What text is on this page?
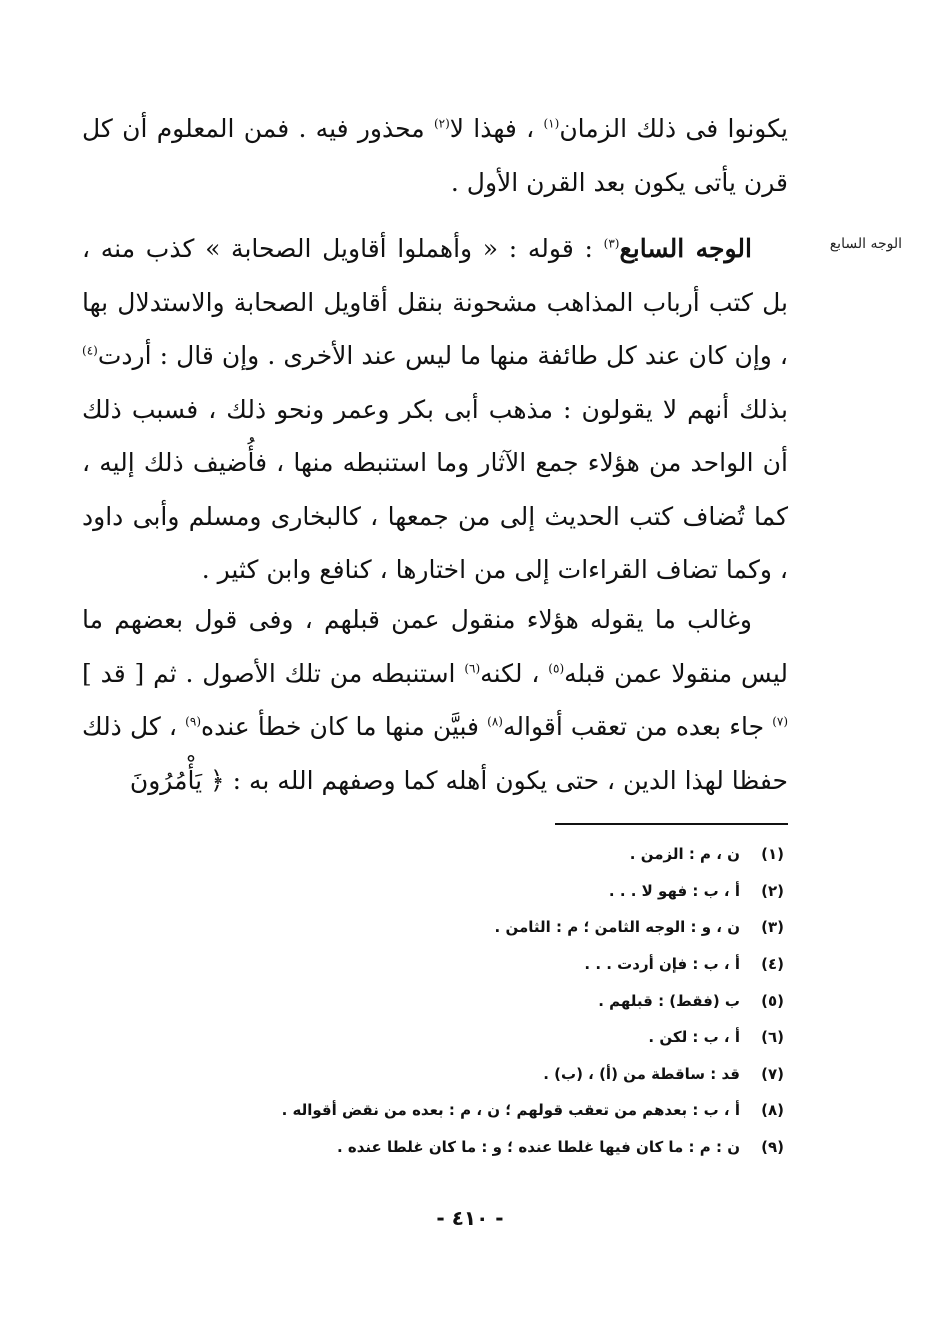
الوجه السابع

يكونوا فى ذلك الزمان$^{(١)}$ ، فهذا لا$^{(٢)}$ محذور فيه . فمن المعلوم أن كل قرن يأتى يكون بعد القرن الأول .

الوجه السابع$^{(٣)}$ : قوله : « وأهملوا أقاويل الصحابة » كذب منه ، بل كتب أرباب المذاهب مشحونة بنقل أقاويل الصحابة والاستدلال بها ، وإن كان عند كل طائفة منها ما ليس عند الأخرى . وإن قال : أردت$^{(٤)}$ بذلك أنهم لا يقولون : مذهب أبى بكر وعمر ونحو ذلك ، فسبب ذلك أن الواحد من هؤلاء جمع الآثار وما استنبطه منها ، فأُضيف ذلك إليه ، كما تُضاف كتب الحديث إلى من جمعها ، كالبخارى ومسلم وأبى داود ، وكما تضاف القراءات إلى من اختارها ، كنافع وابن كثير .

وغالب ما يقوله هؤلاء منقول عمن قبلهم ، وفى قول بعضهم ما ليس منقولا عمن قبله$^{(٥)}$ ، لكنه$^{(٦)}$ استنبطه من تلك الأصول . ثم [ قد ]$^{(٧)}$ جاء بعده من تعقب أقواله$^{(٨)}$ فبيَّن منها ما كان خطأ عنده$^{(٩)}$ ، كل ذلك حفظا لهذا الدين ، حتى يكون أهله كما وصفهم الله به : ﴿ يَأْمُرُونَ

(١)
ن ، م : الزمن .
(٢)
أ ، ب : فهو لا . . .
(٣)
ن ، و : الوجه الثامن ؛ م : الثامن .
(٤)
أ ، ب : فإن أردت . . .
(٥)
ب (فقط) : قبلهم .
(٦)
أ ، ب : لكن .
(٧)
قد : ساقطة من (أ) ، (ب) .
(٨)
أ ، ب : بعدهم من تعقب قولهم ؛ ن ، م : بعده من نقض أقواله .
(٩)
ن : م : ما كان فيها غلطا عنده ؛ و : ما كان غلطا عنده .
- ٤١٠ -
